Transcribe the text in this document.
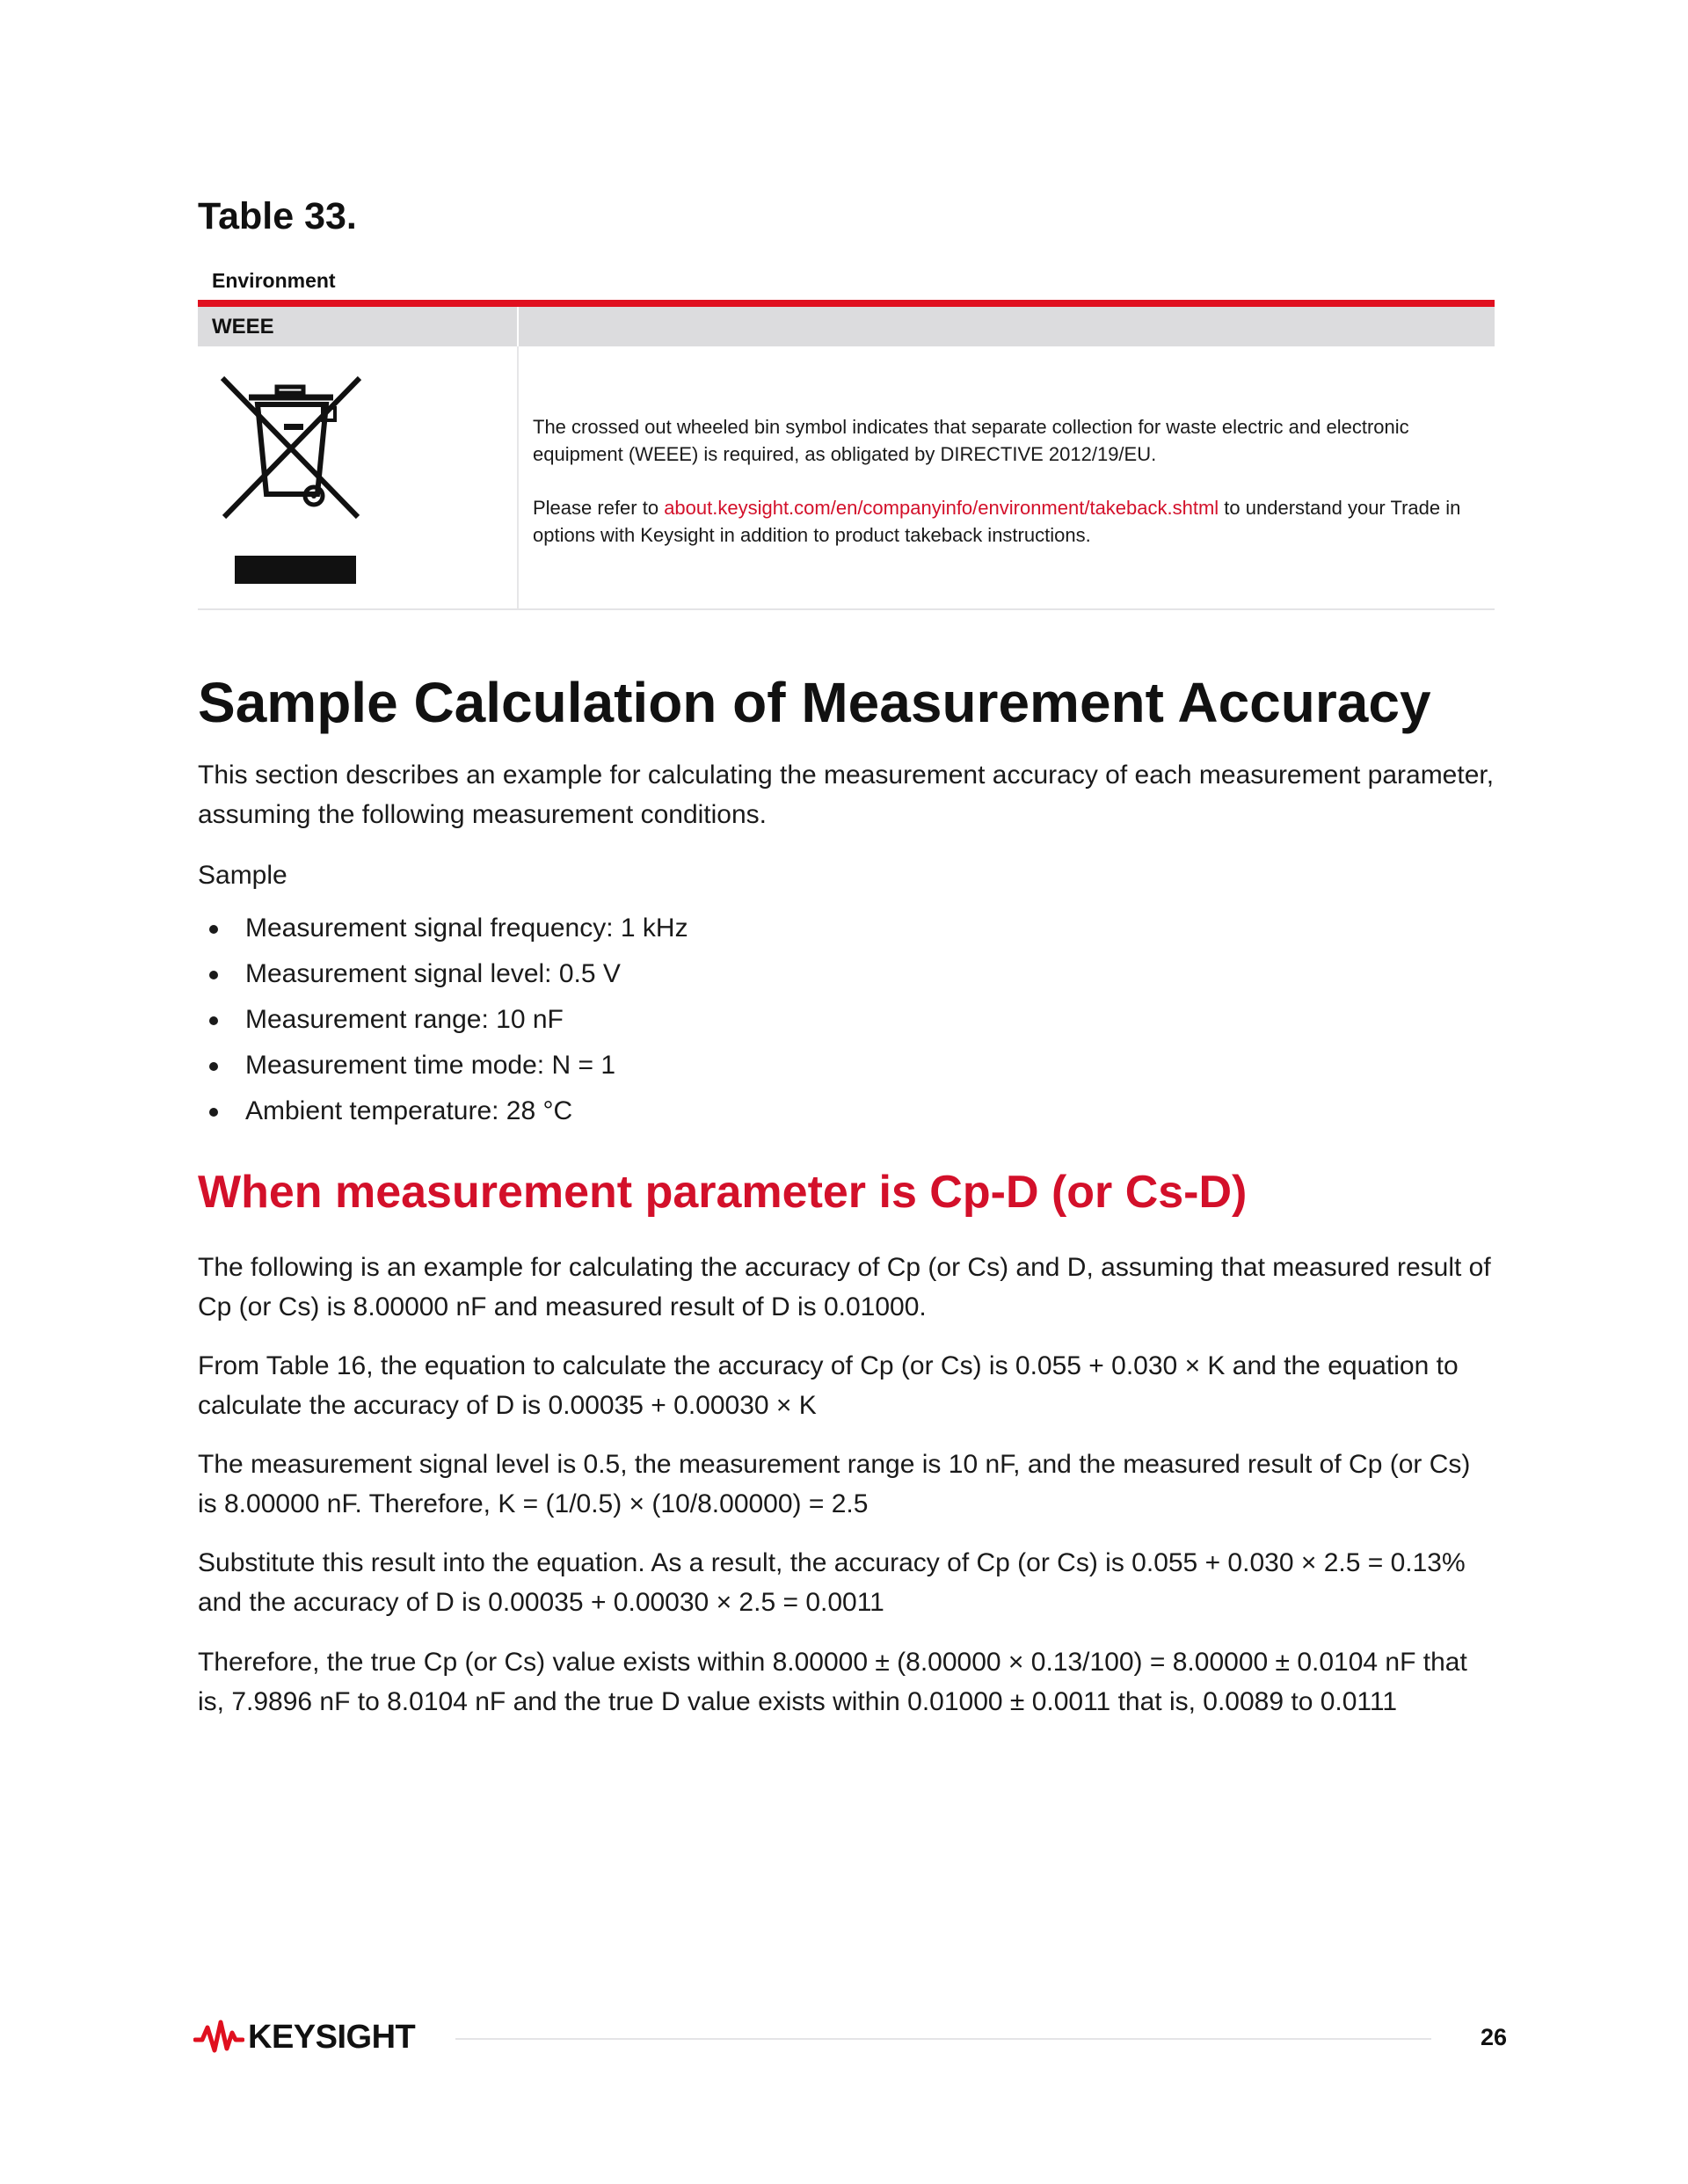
Table 33.
Environment
WEEE

The crossed out wheeled bin symbol indicates that separate collection for waste electric and electronic equipment (WEEE) is required, as obligated by DIRECTIVE 2012/19/EU.

Please refer to about.keysight.com/en/companyinfo/environment/takeback.shtml to understand your Trade in options with Keysight in addition to product takeback instructions.

Sample Calculation of Measurement Accuracy

This section describes an example for calculating the measurement accuracy of each measurement parameter, assuming the following measurement conditions.

Sample

Measurement signal frequency: 1 kHz
Measurement signal level: 0.5 V
Measurement range: 10 nF
Measurement time mode: N = 1
Ambient temperature: 28 °C
When measurement parameter is Cp-D (or Cs-D)

The following is an example for calculating the accuracy of Cp (or Cs) and D, assuming that measured result of Cp (or Cs) is 8.00000 nF and measured result of D is 0.01000.

From Table 16, the equation to calculate the accuracy of Cp (or Cs) is 0.055 + 0.030 × K and the equation to calculate the accuracy of D is 0.00035 + 0.00030 × K

The measurement signal level is 0.5, the measurement range is 10 nF, and the measured result of Cp (or Cs) is 8.00000 nF. Therefore, K = (1/0.5) × (10/8.00000) = 2.5

Substitute this result into the equation. As a result, the accuracy of Cp (or Cs) is 0.055 + 0.030 × 2.5 = 0.13% and the accuracy of D is 0.00035 + 0.00030 × 2.5 = 0.0011

Therefore, the true Cp (or Cs) value exists within 8.00000 ± (8.00000 × 0.13/100) = 8.00000 ± 0.0104 nF that is, 7.9896 nF to 8.0104 nF and the true D value exists within 0.01000 ± 0.0011 that is, 0.0089 to 0.0111

KEYSIGHT	26
